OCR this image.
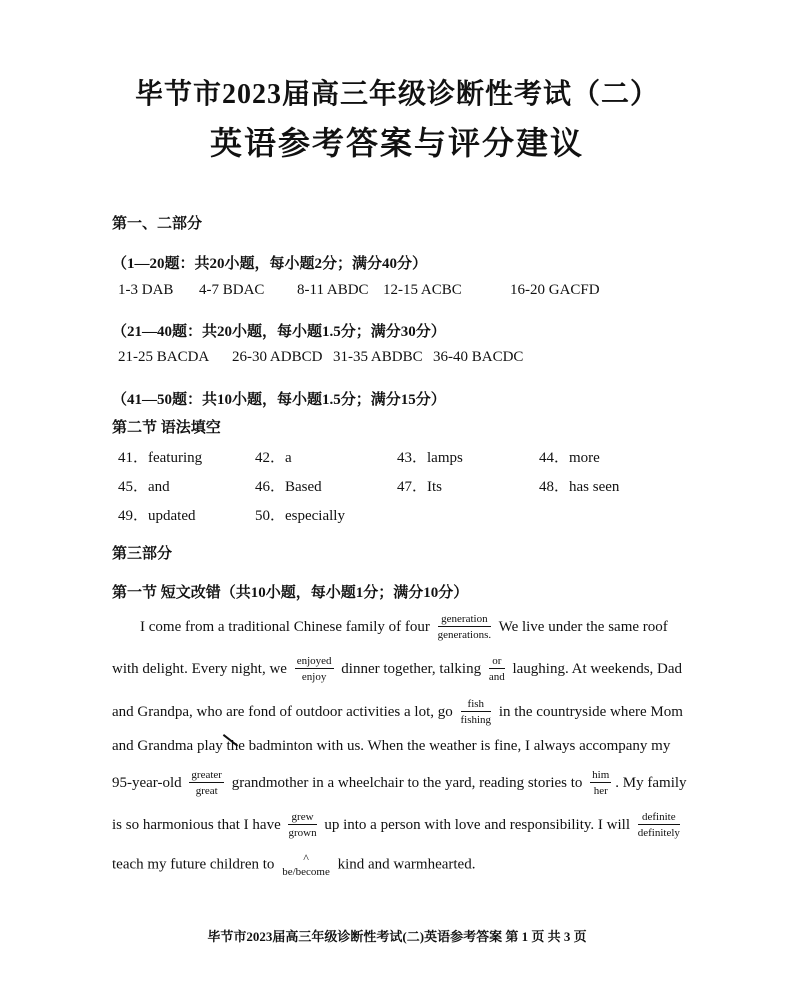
毕节市2023届高三年级诊断性考试（二）
英语参考答案与评分建议
第一、二部分
（1—20题：共20小题，每小题2分；满分40分）
1-3 DAB 4-7 BDAC 8-11 ABDC 12-15 ACBC	16-20 GACFD
（21—40题：共20小题，每小题1.5分；满分30分）
21-25 BACDA 26-30 ADBCD 31-35 ABDBC 36-40 BACDC
（41—50题：共10小题，每小题1.5分；满分15分）
第二节 语法填空
41．featuring	42．a	43．lamps	44．more
45．and	46．Based	47．Its	48．has seen
49．updated	50．especially
第三部分
第一节 短文改错（共10小题，每小题1分；满分10分）
I come from a traditional Chinese family of four	generation
generations.
We live under the same roof
with delight. Every night, we enjoyed
enjoy
dinner together, talking	or
and
laughing. At weekends, Dad
and Grandpa, who are fond of outdoor activities a lot, go	fish
fishing
in the countryside where Mom
and Grandma play the badminton with us. When the weather is fine, I always accompany my
95-year-old greater
great
grandmother in a wheelchair to the yard, reading stories to him
her
. My family
is so harmonious that I have grew
grown
up into a person with love and responsibility. I will	definite
definitely
teach my future children to	^
be/become kind and warmhearted.
毕节市2023届高三年级诊断性考试(二)英语参考答案 第 1 页 共 3 页
